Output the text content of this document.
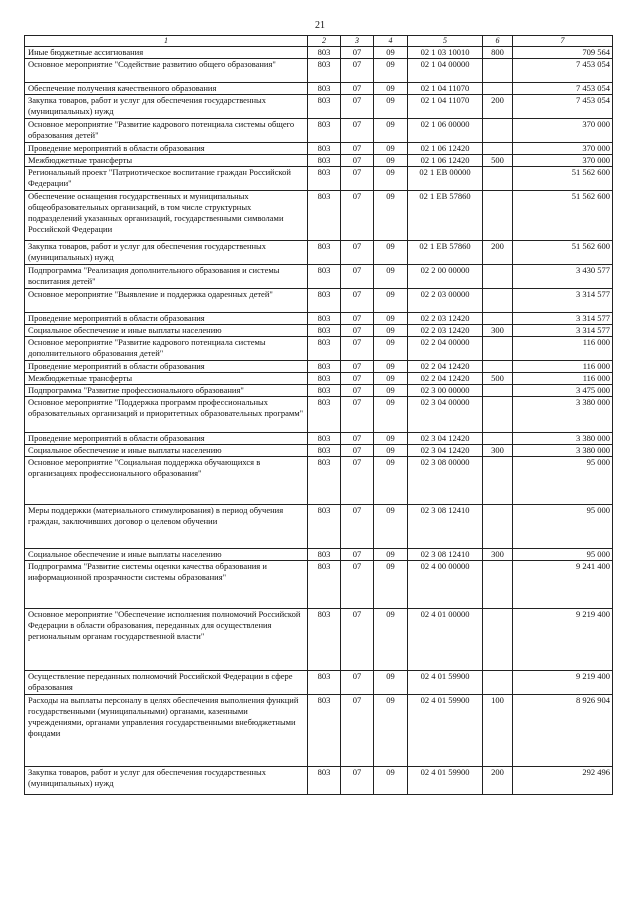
21
1	2	3	4	5	6	7
Иные бюджетные ассигнования	803	07	09	02 1 03 10010	800	709 564
Основное мероприятие "Содействие развитию общего образования"	803	07	09	02 1 04 00000		7 453 054
Обеспечение получения качественного образования	803	07	09	02 1 04 11070		7 453 054
Закупка товаров, работ и услуг для обеспечения государственных (муниципальных) нужд	803	07	09	02 1 04 11070	200	7 453 054
Основное мероприятие "Развитие кадрового потенциала системы общего образования детей"	803	07	09	02 1 06 00000		370 000
Проведение мероприятий в области образования	803	07	09	02 1 06 12420		370 000
Межбюджетные трансферты	803	07	09	02 1 06 12420	500	370 000
Региональный проект "Патриотическое воспитание граждан Российской Федерации"	803	07	09	02 1 ЕВ 00000		51 562 600
Обеспечение оснащения государственных и муниципальных общеобразовательных организаций, в том числе структурных подразделений указанных организаций, государственными символами Российской Федерации	803	07	09	02 1 ЕВ 57860		51 562 600
Закупка товаров, работ и услуг для обеспечения государственных (муниципальных) нужд	803	07	09	02 1 ЕВ 57860	200	51 562 600
Подпрограмма "Реализация дополнительного образования и системы воспитания детей"	803	07	09	02 2 00 00000		3 430 577
Основное мероприятие "Выявление и поддержка одаренных детей"	803	07	09	02 2 03 00000		3 314 577
Проведение мероприятий в области образования	803	07	09	02 2 03 12420		3 314 577
Социальное обеспечение и иные выплаты населению	803	07	09	02 2 03 12420	300	3 314 577
Основное мероприятие "Развитие кадрового потенциала системы дополнительного образования детей"	803	07	09	02 2 04 00000		116 000
Проведение мероприятий в области образования	803	07	09	02 2 04 12420		116 000
Межбюджетные трансферты	803	07	09	02 2 04 12420	500	116 000
Подпрограмма "Развитие профессионального образования"	803	07	09	02 3 00 00000		3 475 000
Основное мероприятие "Поддержка программ профессиональных образовательных организаций и приоритетных образовательных программ"	803	07	09	02 3 04 00000		3 380 000
Проведение мероприятий в области образования	803	07	09	02 3 04 12420		3 380 000
Социальное обеспечение и иные выплаты населению	803	07	09	02 3 04 12420	300	3 380 000
Основное мероприятие "Социальная поддержка обучающихся в организациях профессионального образования"	803	07	09	02 3 08 00000		95 000
Меры поддержки (материального стимулирования) в период обучения граждан, заключивших договор о целевом обучении	803	07	09	02 3 08 12410		95 000
Социальное обеспечение и иные выплаты населению	803	07	09	02 3 08 12410	300	95 000
Подпрограмма "Развитие системы оценки качества образования и информационной прозрачности системы образования"	803	07	09	02 4 00 00000		9 241 400
Основное мероприятие "Обеспечение исполнения полномочий Российской Федерации в области образования, переданных для осуществления региональным органам государственной власти"	803	07	09	02 4 01 00000		9 219 400
Осуществление переданных полномочий Российской Федерации в сфере образования	803	07	09	02 4 01 59900		9 219 400
Расходы на выплаты персоналу в целях обеспечения выполнения функций государственными (муниципальными) органами, казенными учреждениями, органами управления государственными внебюджетными фондами	803	07	09	02 4 01 59900	100	8 926 904
Закупка товаров, работ и услуг для обеспечения государственных (муниципальных) нужд	803	07	09	02 4 01 59900	200	292 496
